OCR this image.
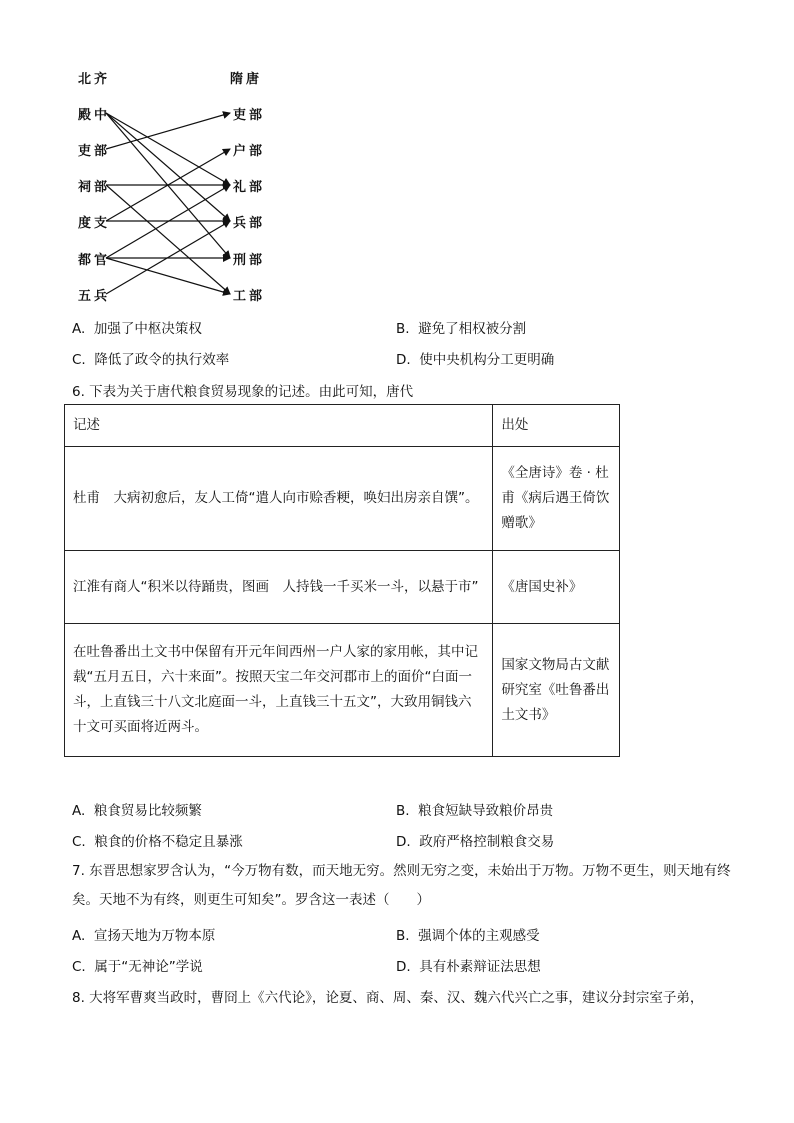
北齐	隋唐
殿中
吏部
祠部
度支
都官
五兵
吏部
户部
礼部
兵部
刑部
工部
A. 加强了中枢决策权	B. 避免了相权被分割
C. 降低了政令的执行效率	D. 使中央机构分工更明确
6. 下表为关于唐代粮食贸易现象的记述。由此可知，唐代
记述	出处
杜甫　大病初愈后，友人工倚“遣人向市赊香粳，唤妇出房亲自馔”。	《全唐诗》卷 · 杜甫《病后遇王倚饮赠歌》
江淮有商人“积米以待踊贵，图画　人持钱一千买米一斗，以悬于市”	《唐国史补》
在吐鲁番出土文书中保留有开元年间西州一户人家的家用帐，其中记载“五月五日，六十来面”。按照天宝二年交河郡市上的面价“白面一斗，上直钱三十八文北庭面一斗，上直钱三十五文”，大致用铜钱六十文可买面将近两斗。	国家文物局古文献研究室《吐鲁番出土文书》
A. 粮食贸易比较频繁	B. 粮食短缺导致粮价昂贵
C. 粮食的价格不稳定且暴涨	D. 政府严格控制粮食交易
7. 东晋思想家罗含认为，“今万物有数，而天地无穷。然则无穷之变，未始出于万物。万物不更生，则天地有终矣。天地不为有终，则更生可知矣”。罗含这一表述（　　）
A. 宣扬天地为万物本原	B. 强调个体的主观感受
C. 属于“无神论”学说	D. 具有朴素辩证法思想
8. 大将军曹爽当政时，曹冏上《六代论》，论夏、商、周、秦、汉、魏六代兴亡之事，建议分封宗室子弟，
